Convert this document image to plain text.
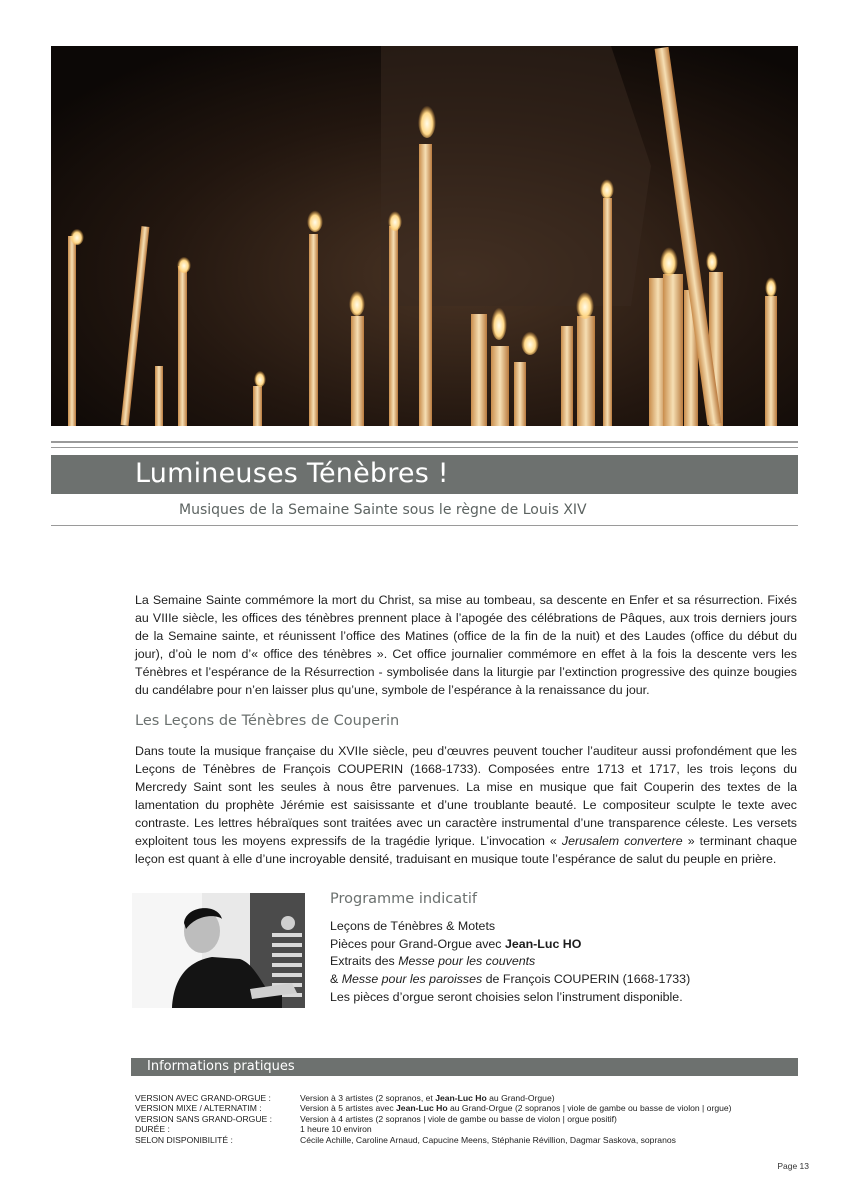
Lumineuses Ténèbres !
Musiques de la Semaine Sainte sous le règne de Louis XIV

La Semaine Sainte commémore la mort du Christ, sa mise au tombeau, sa descente en Enfer et sa résurrection. Fixés au VIIIe siècle, les offices des ténèbres prennent place à l’apogée des célébrations de Pâques, aux trois derniers jours de la Semaine sainte, et réunissent l’office des Matines (office de la fin de la nuit) et des Laudes (office du début du jour), d’où le nom d’« office des ténèbres ». Cet office journalier commémore en effet à la fois la descente vers les Ténèbres et l’espérance de la Résurrection - symbolisée dans la liturgie par l’extinction progressive des quinze bougies du candélabre pour n’en laisser plus qu’une, symbole de l’espérance à la renaissance du jour.

Les Leçons de Ténèbres de Couperin

Dans toute la musique française du XVIIe siècle, peu d’œuvres peuvent toucher l’auditeur aussi profondément que les Leçons de Ténèbres de François COUPERIN (1668-1733). Composées entre 1713 et 1717, les trois leçons du Mercredy Saint sont les seules à nous être parvenues. La mise en musique que fait Couperin des textes de la lamentation du prophète Jérémie est saisissante et d’une troublante beauté. Le compositeur sculpte le texte avec contraste. Les lettres hébraïques sont traitées avec un caractère instrumental d’une transparence céleste. Les versets exploitent tous les moyens expressifs de la tragédie lyrique. L’invocation « Jerusalem convertere » terminant chaque leçon est quant à elle d’une incroyable densité, traduisant en musique toute l’espérance de salut du peuple en prière.

Programme indicatif
Leçons de Ténèbres & Motets
Pièces pour Grand-Orgue avec Jean-Luc HO
Extraits des Messe pour les couvents
& Messe pour les paroisses de François COUPERIN (1668-1733)
Les pièces d’orgue seront choisies selon l’instrument disponible.
Informations pratiques
VERSION AVEC GRAND-ORGUE :	Version à 3 artistes (2 sopranos, et Jean-Luc Ho au Grand-Orgue)
VERSION MIXE / ALTERNATIM :	Version à 5 artistes avec Jean-Luc Ho au Grand-Orgue (2 sopranos | viole de gambe ou basse de violon | orgue)
VERSION SANS GRAND-ORGUE :	Version à 4 artistes (2 sopranos | viole de gambe ou basse de violon | orgue positif)
DURÉE :	1 heure 10 environ
SELON DISPONIBILITÉ :	Cécile Achille, Caroline Arnaud, Capucine Meens, Stéphanie Révillion, Dagmar Saskova, sopranos
Page 13
